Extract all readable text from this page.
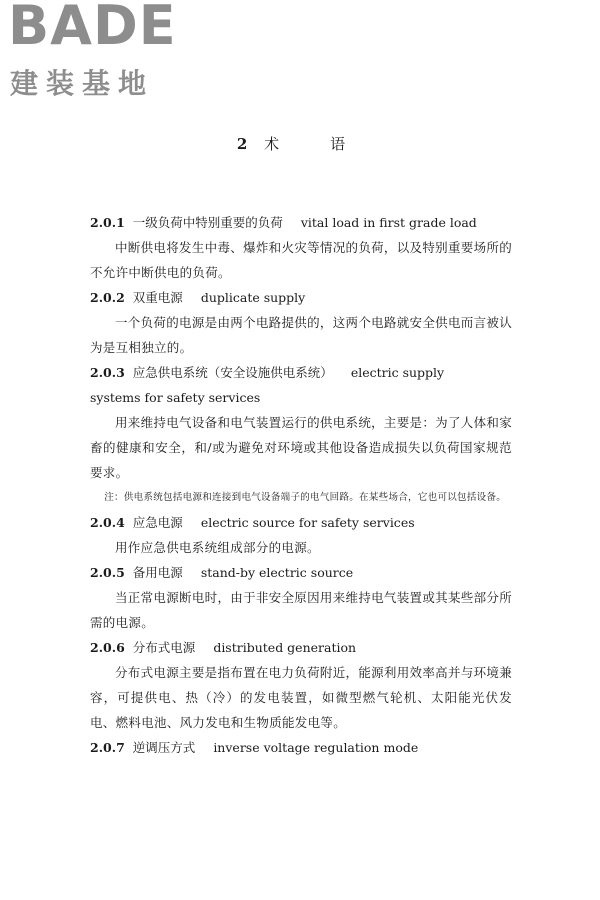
BADE
建装基地
2 术　语
2.0.1 一级负荷中特别重要的负荷 vital load in first grade load
中断供电将发生中毒、爆炸和火灾等情况的负荷，以及特别重要场所的不允许中断供电的负荷。
2.0.2 双重电源 duplicate supply
一个负荷的电源是由两个电路提供的，这两个电路就安全供电而言被认为是互相独立的。
2.0.3 应急供电系统（安全设施供电系统） electric supply
systems for safety services
用来维持电气设备和电气装置运行的供电系统，主要是：为了人体和家畜的健康和安全，和/或为避免对环境或其他设备造成损失以负荷国家规范要求。
注：供电系统包括电源和连接到电气设备端子的电气回路。在某些场合，它也可以包括设备。
2.0.4 应急电源 electric source for safety services
用作应急供电系统组成部分的电源。
2.0.5 备用电源 stand-by electric source
当正常电源断电时，由于非安全原因用来维持电气装置或其某些部分所需的电源。
2.0.6 分布式电源 distributed generation
分布式电源主要是指布置在电力负荷附近，能源利用效率高并与环境兼容，可提供电、热（冷）的发电装置，如微型燃气轮机、太阳能光伏发电、燃料电池、风力发电和生物质能发电等。
2.0.7 逆调压方式 inverse voltage regulation mode
